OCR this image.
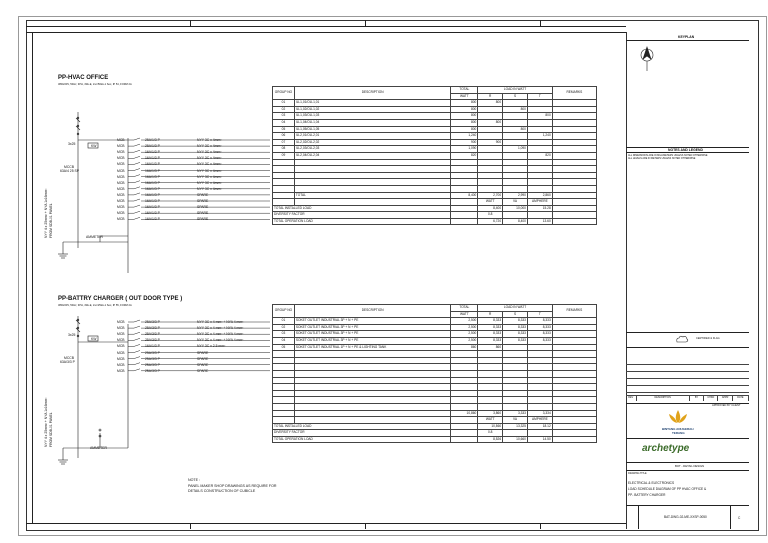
PP-HVAC OFFICE
380/220V, 50Hz, 3PH, 4W+E, Icu=50kA-1 Sec, IP 54, FORM 2A
3x25	KW
MCCB
63A/4 25 SP
AMMETER
NYY 4 x 25mm² + NYA 1x16mm² FROM SDB-01 PANEL
MCB	25A/1/3 P	NYY 3C x 4mm²
MCB	25A/1/3 P	NYY 3C x 4mm²
MCB	16A/1/3 P	NYY 3C x 4mm²
MCB	16A/1/3 P	NYY 3C x 4mm²
MCB	16A/1/3 P	NYY 3C x 4mm²
MCB	16A/1/3 P	NYY 3C x 4mm²
MCB	16A/1/3 P	NYY 3C x 4mm²
MCB	16A/1/3 P	NYY 3C x 4mm²
MCB	16A/1/3 P	NYY 3C x 4mm²
MCB	16A/1/3 P	SPARE
MCB	16A/1/3 P	SPARE
MCB	16A/1/3 P	SPARE
MCB	16A/1/3 P	SPARE
MCB	16A/1/3 P	SPARE
GROUP NO	DESCRIPTION	TOTAL	LOAD IN WATT			REMARKS
		WATT	R	S	T	
01	IU-1,01/OU-1,01	800	800			
02	IU-1,02/OU-1,02	800		800		
03	IU-1,03/OU-1,03	800			800	
04	IU-1,04/OU-1,04	800	800			
05	IU-1,05/OU-1,05	800		800		
06	IU-2,01/OU-2,01	1,240			1,240	
07	IU-2,02/OU-2,02	900	900			
08	IU-2,03/OU-2,03	1,090		1,090		
09	IU-2,04/OU-2,04	820			820	

	TOTAL	8,400	2,700	2,990	2,860	
			WATT	VA	AMPHERE	
TOTAL INSTALLED LOAD			8,400	10,000	15.28	
DIVERSITY FACTOR			0.8			
TOTAL OPERATION LOAD			6,720	8,400	13.60	
PP-BATTRY CHARGER ( OUT DOOR TYPE )
380/220V, 50Hz, 3PH, 4W+E, Icu=25kA-1 Sec, IP 55, FORM 2A
3x25
KW
MCCB
63A/3/3 P
AMMETER
NYY 4 x 25mm² + NYA 1x16mm² FROM SDB-01 PANEL
MCB	25A/3/3 P	NYY 3C x 4 mm² + NYA 4 mm²
MCB	25A/3/3 P	NYY 3C x 4 mm² + NYA 4 mm²
MCB	25A/3/3 P	NYY 3C x 4 mm² + NYA 4 mm²
MCB	25A/3/3 P	NYY 3C x 4 mm² + NYA 4 mm²
MCB	16A/1/3 P	NYY 3C x 2.5 mm²
MCB	25A/3/3 P	SPARE
MCB	25A/3/3 P	SPARE
MCB	25A/3/3 P	SPARE
MCB	25A/3/3 P	SPARE
GROUP NO	DESCRIPTION	TOTAL	LOAD IN WATT			REMARKS
		WATT	R	S	T	
01	SOKET OUTLET INDUSTRIAL 3P + N + PE	2,500	8,333	8,333	8,333	
02	SOKET OUTLET INDUSTRIAL 3P + N + PE	2,500	8,333	8,333	8,333	
03	SOKET OUTLET INDUSTRIAL 3P + N + PE	2,500	8,333	8,333	8,333	
04	SOKET OUTLET INDUSTRIAL 3P + N + PE	2,500	8,333	8,333	8,333	
05	SOKET OUTLET INDUSTRIAL 1P + N + PE & LIGHTING TANK	860	860			

		10,860	3,860	3,333	3,334	
			WATT	VA	AMPHERE	
TOTAL INSTALLED LOAD			10,860	13,325	18.12	
DIVERSITY FACTOR			0.8			
TOTAL OPERATION LOAD			8,526	10,660	14.50	
NOTE :
PANEL MAKER SHOP DRAWINGS AS REQUIRE FOR
DETAILS CONSTRUCTION OF CUBICLE
KEYPLAN
NOTES AND LEGEND
ALL DIMENSIONS ARE IN MILLIMETERS UNLESS NOTED OTHERWISE
ALL LEVELS ARE IN METERS UNLESS NOTED OTHERWISE
CERTIFIED & FLAG
REV	DESCRIPTION	BY	CHKD	APPR	DATE
APPROVED BY CLIENT
BINTANG ANUGERAH
TERANG
archetype
BOT - DETAIL DESIGN
DRAWING TITLE
ELECTRICAL & ELECTRONICS
LOAD SCHEDULE DIAGRAM OF PP HVAC OFFICE &
PP- BATTERY CHARGER
BAT-DWG-02-ME-XXSP-0050	C
